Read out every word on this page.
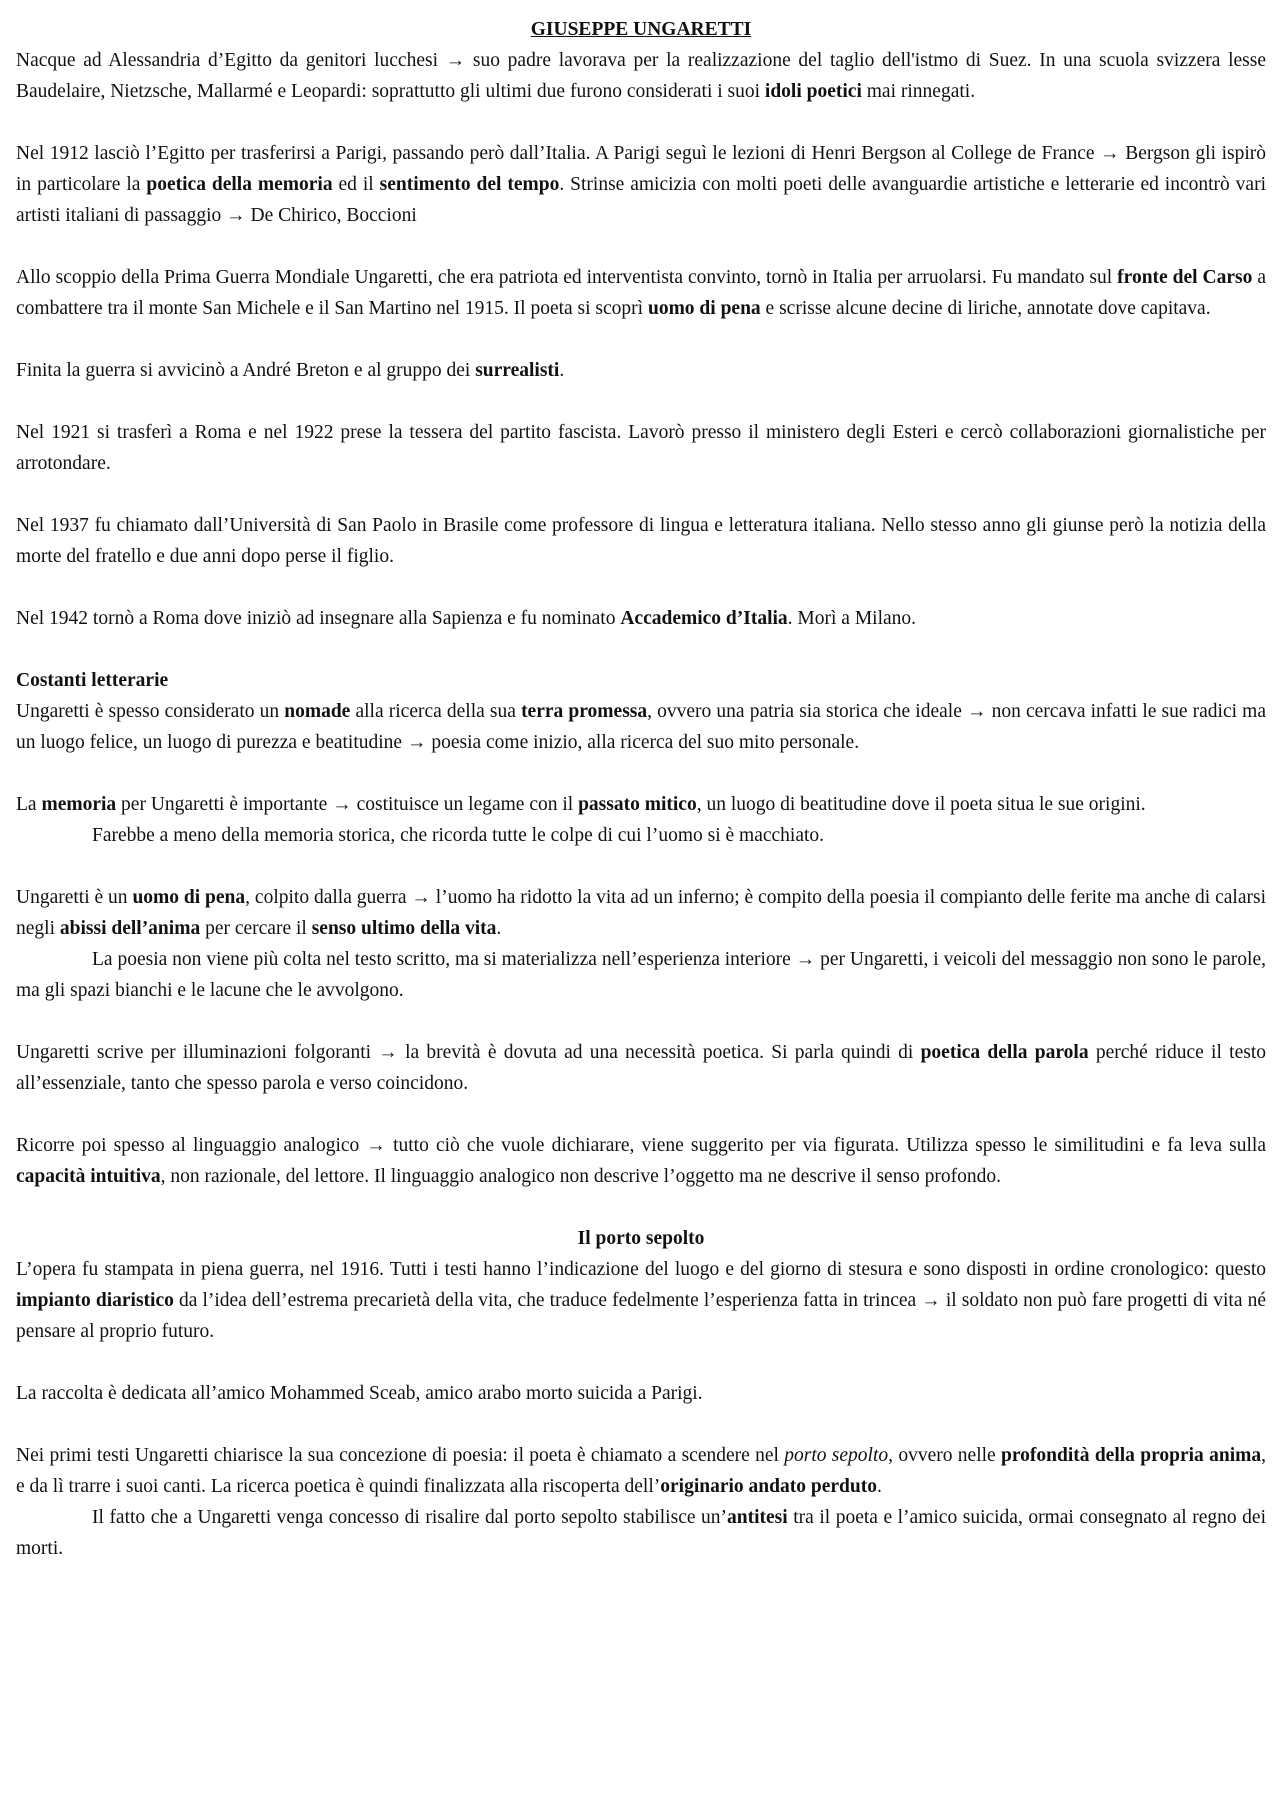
GIUSEPPE UNGARETTI

Nacque ad Alessandria d’Egitto da genitori lucchesi → suo padre lavorava per la realizzazione del taglio dell'istmo di Suez. In una scuola svizzera lesse Baudelaire, Nietzsche, Mallarmé e Leopardi: soprattutto gli ultimi due furono considerati i suoi idoli poetici mai rinnegati.

Nel 1912 lasciò l’Egitto per trasferirsi a Parigi, passando però dall’Italia. A Parigi seguì le lezioni di Henri Bergson al College de France → Bergson gli ispirò in particolare la poetica della memoria ed il sentimento del tempo. Strinse amicizia con molti poeti delle avanguardie artistiche e letterarie ed incontrò vari artisti italiani di passaggio → De Chirico, Boccioni

Allo scoppio della Prima Guerra Mondiale Ungaretti, che era patriota ed interventista convinto, tornò in Italia per arruolarsi. Fu mandato sul fronte del Carso a combattere tra il monte San Michele e il San Martino nel 1915. Il poeta si scoprì uomo di pena e scrisse alcune decine di liriche, annotate dove capitava.

Finita la guerra si avvicinò a André Breton e al gruppo dei surrealisti.

Nel 1921 si trasferì a Roma e nel 1922 prese la tessera del partito fascista. Lavorò presso il ministero degli Esteri e cercò collaborazioni giornalistiche per arrotondare.

Nel 1937 fu chiamato dall’Università di San Paolo in Brasile come professore di lingua e letteratura italiana. Nello stesso anno gli giunse però la notizia della morte del fratello e due anni dopo perse il figlio.

Nel 1942 tornò a Roma dove iniziò ad insegnare alla Sapienza e fu nominato Accademico d’Italia. Morì a Milano.

Costanti letterarie

Ungaretti è spesso considerato un nomade alla ricerca della sua terra promessa, ovvero una patria sia storica che ideale → non cercava infatti le sue radici ma un luogo felice, un luogo di purezza e beatitudine → poesia come inizio, alla ricerca del suo mito personale.

La memoria per Ungaretti è importante → costituisce un legame con il passato mitico, un luogo di beatitudine dove il poeta situa le sue origini.

Farebbe a meno della memoria storica, che ricorda tutte le colpe di cui l’uomo si è macchiato.

Ungaretti è un uomo di pena, colpito dalla guerra → l’uomo ha ridotto la vita ad un inferno; è compito della poesia il compianto delle ferite ma anche di calarsi negli abissi dell’anima per cercare il senso ultimo della vita.

La poesia non viene più colta nel testo scritto, ma si materializza nell’esperienza interiore → per Ungaretti, i veicoli del messaggio non sono le parole, ma gli spazi bianchi e le lacune che le avvolgono.

Ungaretti scrive per illuminazioni folgoranti → la brevità è dovuta ad una necessità poetica. Si parla quindi di poetica della parola perché riduce il testo all’essenziale, tanto che spesso parola e verso coincidono.

Ricorre poi spesso al linguaggio analogico → tutto ciò che vuole dichiarare, viene suggerito per via figurata. Utilizza spesso le similitudini e fa leva sulla capacità intuitiva, non razionale, del lettore. Il linguaggio analogico non descrive l’oggetto ma ne descrive il senso profondo.

Il porto sepolto

L’opera fu stampata in piena guerra, nel 1916. Tutti i testi hanno l’indicazione del luogo e del giorno di stesura e sono disposti in ordine cronologico: questo impianto diaristico da l’idea dell’estrema precarietà della vita, che traduce fedelmente l’esperienza fatta in trincea → il soldato non può fare progetti di vita né pensare al proprio futuro.

La raccolta è dedicata all’amico Mohammed Sceab, amico arabo morto suicida a Parigi.

Nei primi testi Ungaretti chiarisce la sua concezione di poesia: il poeta è chiamato a scendere nel porto sepolto, ovvero nelle profondità della propria anima, e da lì trarre i suoi canti. La ricerca poetica è quindi finalizzata alla riscoperta dell’originario andato perduto.

Il fatto che a Ungaretti venga concesso di risalire dal porto sepolto stabilisce un’antitesi tra il poeta e l’amico suicida, ormai consegnato al regno dei morti.
